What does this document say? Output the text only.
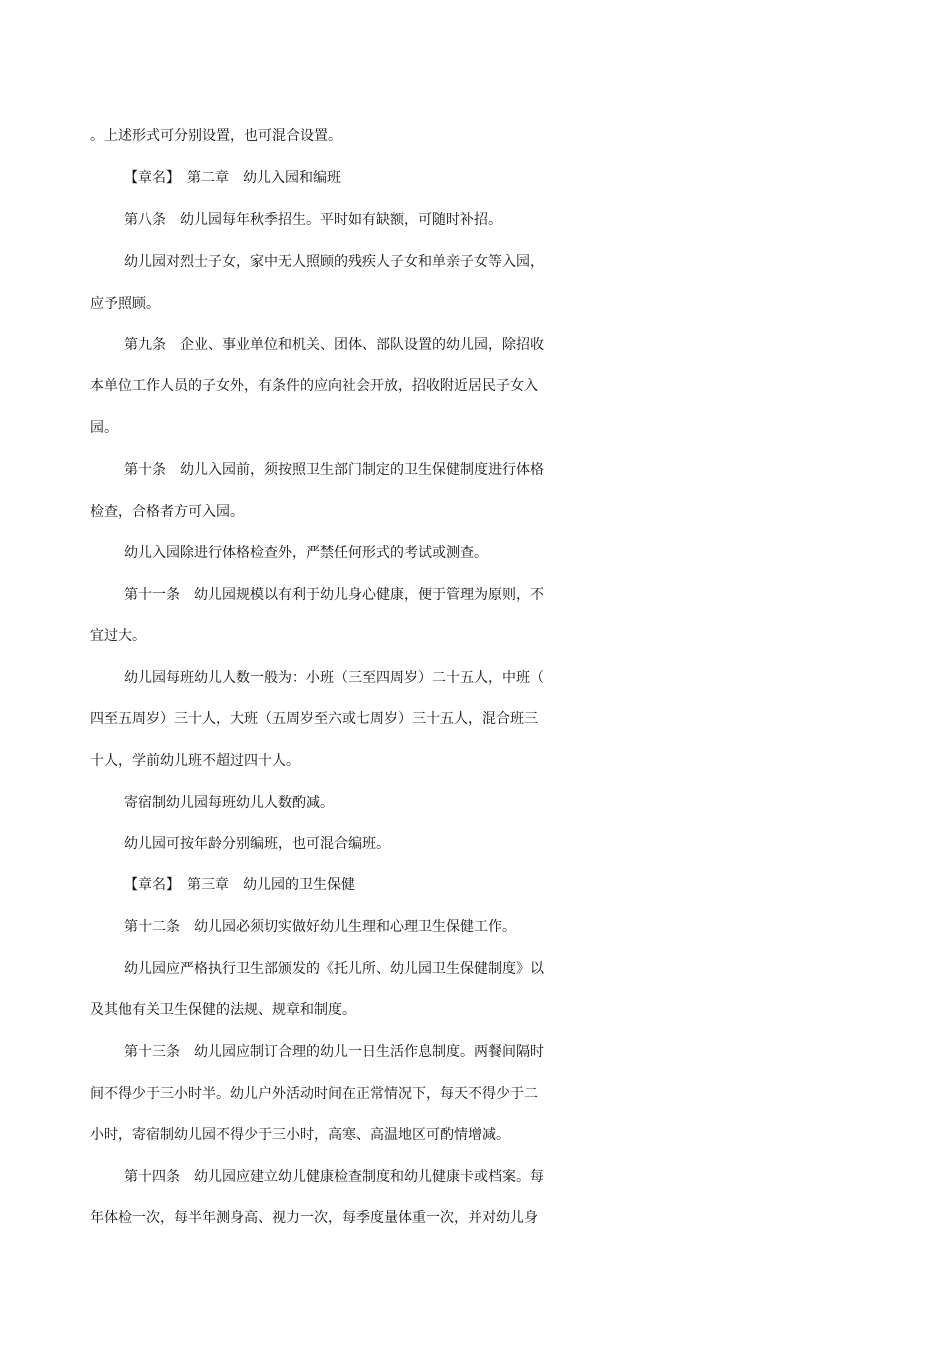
。上述形式可分别设置，也可混合设置。
【章名】　第二章　幼儿入园和编班
第八条　幼儿园每年秋季招生。平时如有缺额，可随时补招。
幼儿园对烈士子女，家中无人照顾的残疾人子女和单亲子女等入园，
应予照顾。
第九条　企业、事业单位和机关、团体、部队设置的幼儿园，除招收
本单位工作人员的子女外，有条件的应向社会开放，招收附近居民子女入
园。
第十条　幼儿入园前，须按照卫生部门制定的卫生保健制度进行体格
检查，合格者方可入园。
幼儿入园除进行体格检查外，严禁任何形式的考试或测查。
第十一条　幼儿园规模以有利于幼儿身心健康，便于管理为原则，不
宜过大。
幼儿园每班幼儿人数一般为：小班（三至四周岁）二十五人，中班（
四至五周岁）三十人，大班（五周岁至六或七周岁）三十五人，混合班三
十人，学前幼儿班不超过四十人。
寄宿制幼儿园每班幼儿人数酌减。
幼儿园可按年龄分别编班，也可混合编班。
【章名】　第三章　幼儿园的卫生保健
第十二条　幼儿园必须切实做好幼儿生理和心理卫生保健工作。
幼儿园应严格执行卫生部颁发的《托儿所、幼儿园卫生保健制度》以
及其他有关卫生保健的法规、规章和制度。
第十三条　幼儿园应制订合理的幼儿一日生活作息制度。两餐间隔时
间不得少于三小时半。幼儿户外活动时间在正常情况下，每天不得少于二
小时，寄宿制幼儿园不得少于三小时，高寒、高温地区可酌情增减。
第十四条　幼儿园应建立幼儿健康检查制度和幼儿健康卡或档案。每
年体检一次，每半年测身高、视力一次，每季度量体重一次，并对幼儿身
